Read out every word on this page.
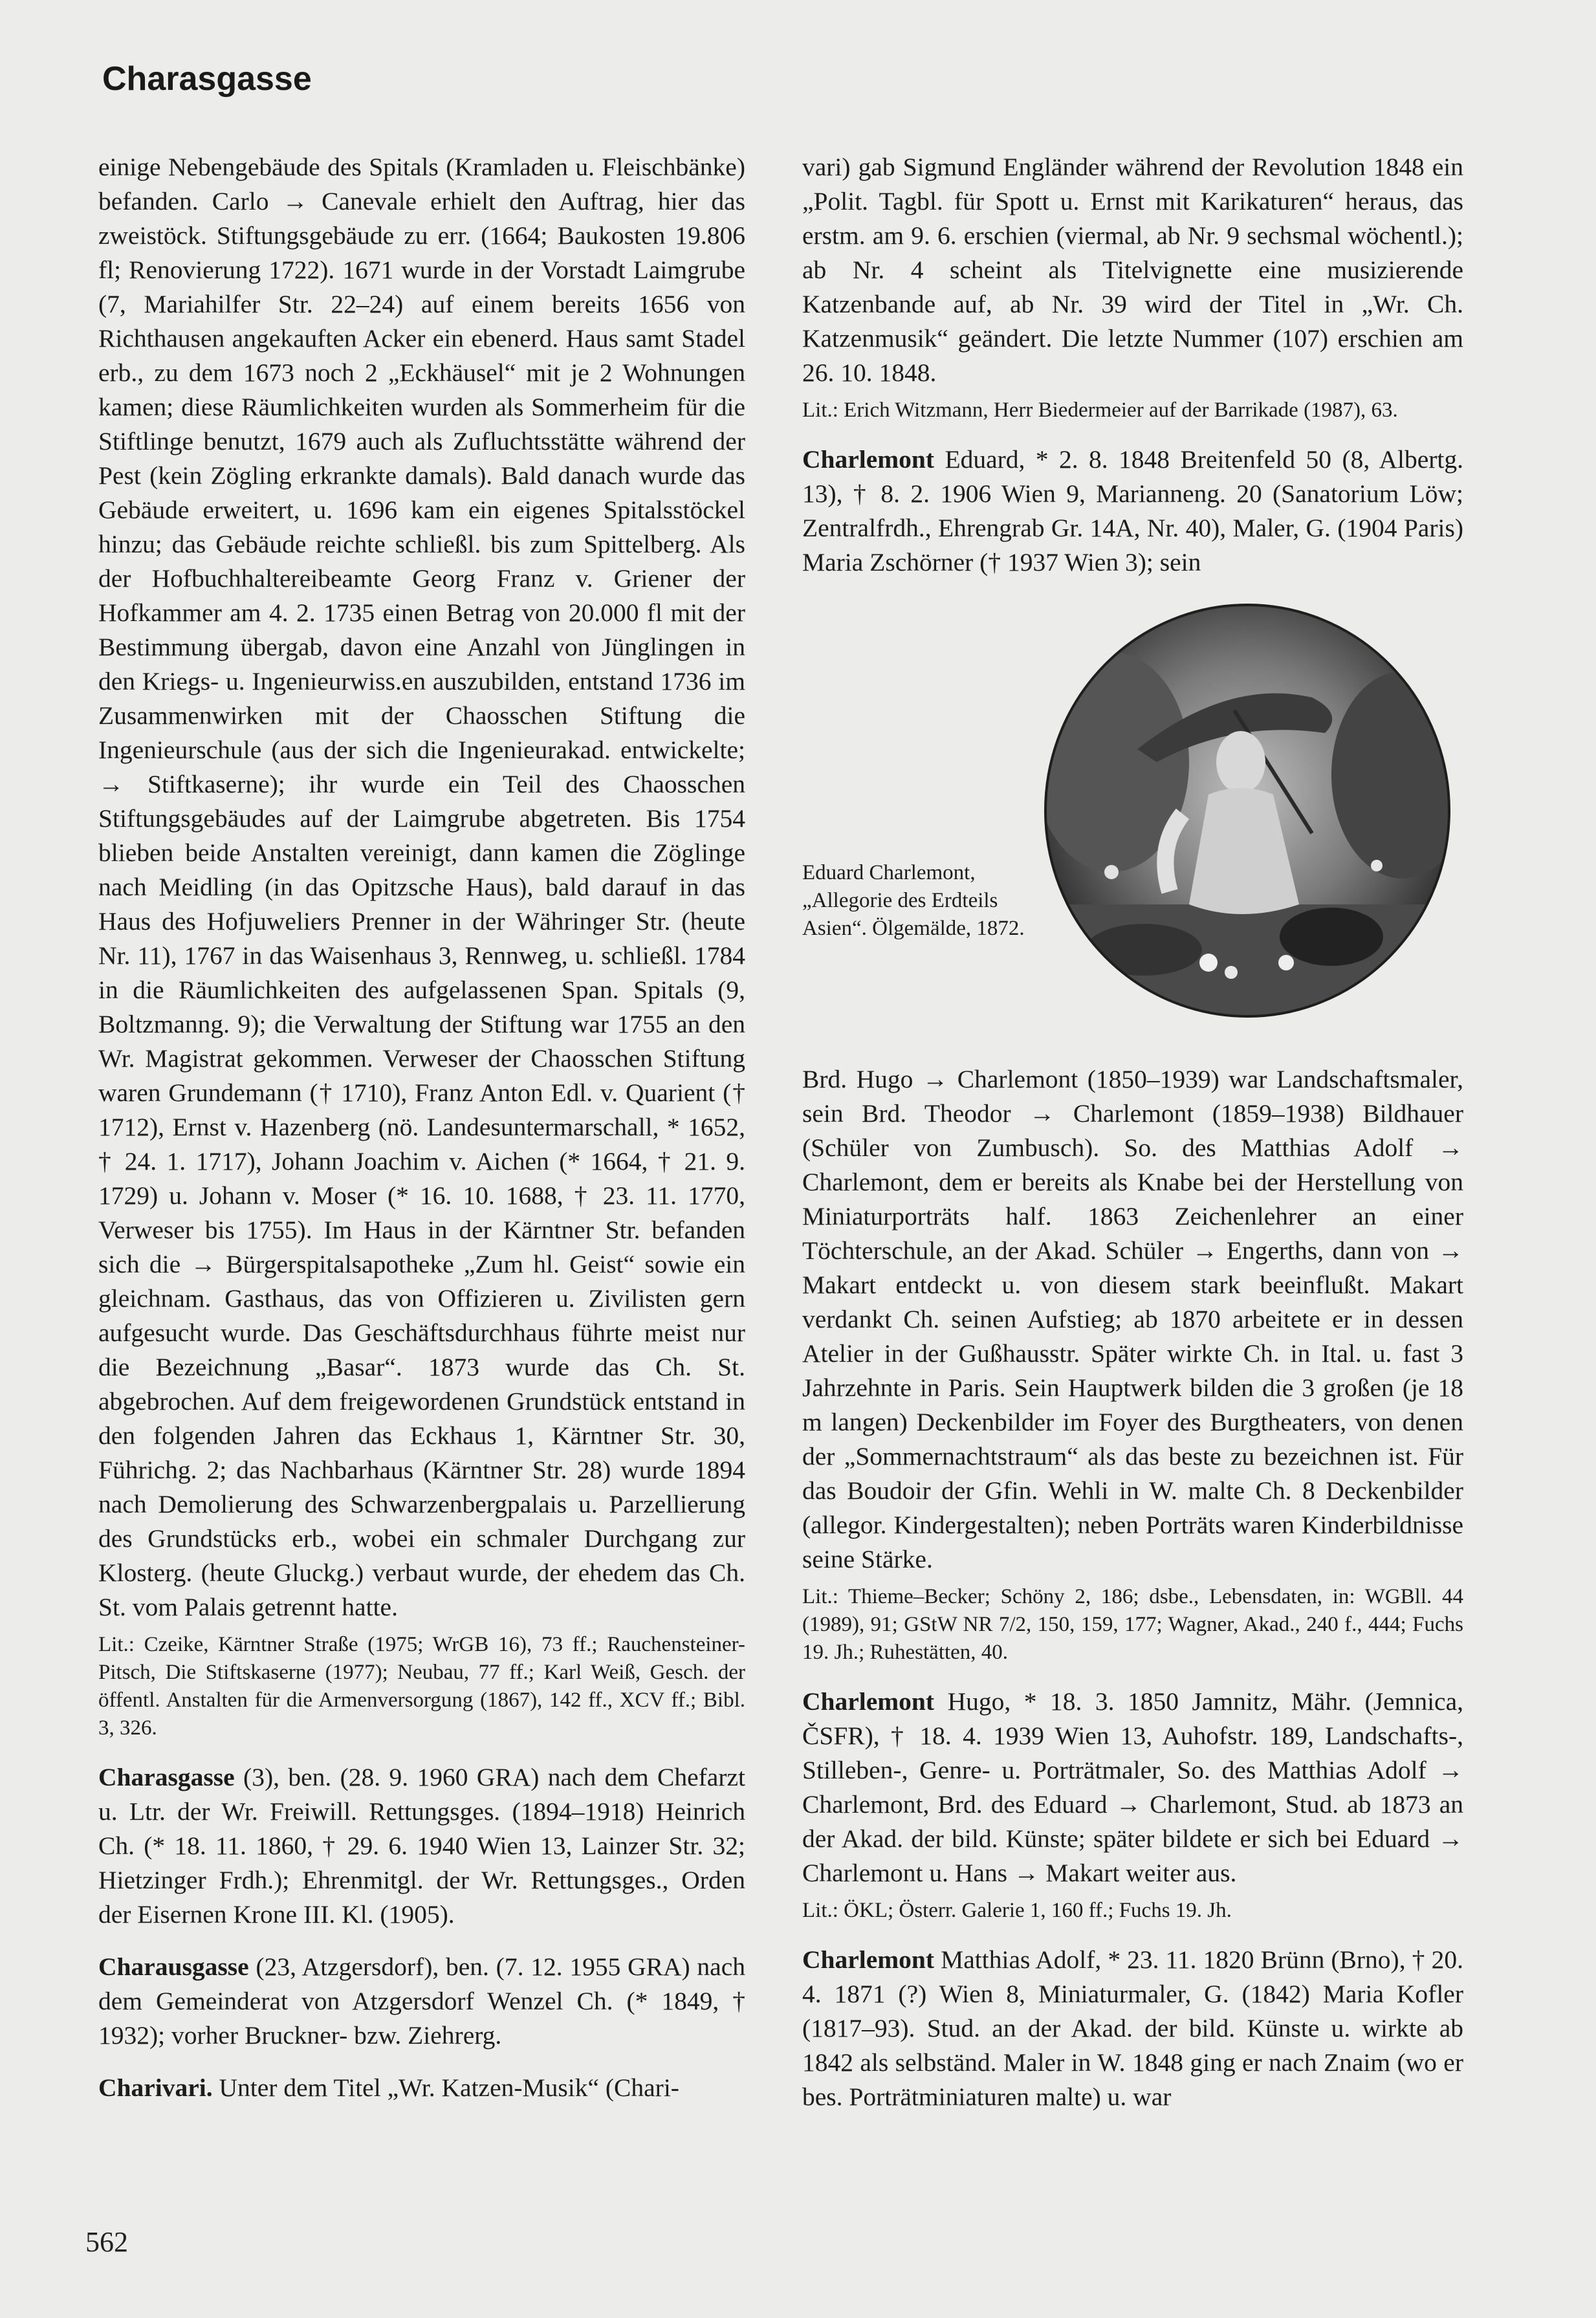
Charasgasse

einige Nebengebäude des Spitals (Kramladen u. Fleischbänke) befanden. Carlo → Canevale erhielt den Auftrag, hier das zweistöck. Stiftungsgebäude zu err. (1664; Baukosten 19.806 fl; Renovierung 1722). 1671 wurde in der Vorstadt Laimgrube (7, Mariahilfer Str. 22–24) auf einem bereits 1656 von Richthausen angekauften Acker ein ebenerd. Haus samt Stadel erb., zu dem 1673 noch 2 „Eckhäusel“ mit je 2 Wohnungen kamen; diese Räumlichkeiten wurden als Sommerheim für die Stiftlinge benutzt, 1679 auch als Zufluchtsstätte während der Pest (kein Zögling erkrankte damals). Bald danach wurde das Gebäude erweitert, u. 1696 kam ein eigenes Spitalsstöckel hinzu; das Gebäude reichte schließl. bis zum Spittelberg. Als der Hofbuchhaltereibeamte Georg Franz v. Griener der Hofkammer am 4. 2. 1735 einen Betrag von 20.000 fl mit der Bestimmung übergab, davon eine Anzahl von Jünglingen in den Kriegs- u. Ingenieurwiss.en auszubilden, entstand 1736 im Zusammenwirken mit der Chaosschen Stiftung die Ingenieurschule (aus der sich die Ingenieurakad. entwickelte; → Stiftkaserne); ihr wurde ein Teil des Chaosschen Stiftungsgebäudes auf der Laimgrube abgetreten. Bis 1754 blieben beide Anstalten vereinigt, dann kamen die Zöglinge nach Meidling (in das Opitzsche Haus), bald darauf in das Haus des Hofjuweliers Prenner in der Währinger Str. (heute Nr. 11), 1767 in das Waisenhaus 3, Rennweg, u. schließl. 1784 in die Räumlichkeiten des aufgelassenen Span. Spitals (9, Boltzmanng. 9); die Verwaltung der Stiftung war 1755 an den Wr. Magistrat gekommen. Verweser der Chaosschen Stiftung waren Grundemann († 1710), Franz Anton Edl. v. Quarient († 1712), Ernst v. Hazenberg (nö. Landesuntermarschall, * 1652, † 24. 1. 1717), Johann Joachim v. Aichen (* 1664, † 21. 9. 1729) u. Johann v. Moser (* 16. 10. 1688, † 23. 11. 1770, Verweser bis 1755). Im Haus in der Kärntner Str. befanden sich die → Bürgerspitalsapotheke „Zum hl. Geist“ sowie ein gleichnam. Gasthaus, das von Offizieren u. Zivilisten gern aufgesucht wurde. Das Geschäftsdurchhaus führte meist nur die Bezeichnung „Basar“. 1873 wurde das Ch. St. abgebrochen. Auf dem freigewordenen Grundstück entstand in den folgenden Jahren das Eckhaus 1, Kärntner Str. 30, Führichg. 2; das Nachbarhaus (Kärntner Str. 28) wurde 1894 nach Demolierung des Schwarzenbergpalais u. Parzellierung des Grundstücks erb., wobei ein schmaler Durchgang zur Klosterg. (heute Gluckg.) verbaut wurde, der ehedem das Ch. St. vom Palais getrennt hatte.

Lit.: Czeike, Kärntner Straße (1975; WrGB 16), 73 ff.; Rauchensteiner-Pitsch, Die Stiftskaserne (1977); Neubau, 77 ff.; Karl Weiß, Gesch. der öffentl. Anstalten für die Armenversorgung (1867), 142 ff., XCV ff.; Bibl. 3, 326.

Charasgasse (3), ben. (28. 9. 1960 GRA) nach dem Chefarzt u. Ltr. der Wr. Freiwill. Rettungsges. (1894–1918) Heinrich Ch. (* 18. 11. 1860, † 29. 6. 1940 Wien 13, Lainzer Str. 32; Hietzinger Frdh.); Ehrenmitgl. der Wr. Rettungsges., Orden der Eisernen Krone III. Kl. (1905).

Charausgasse (23, Atzgersdorf), ben. (7. 12. 1955 GRA) nach dem Gemeinderat von Atzgersdorf Wenzel Ch. (* 1849, † 1932); vorher Bruckner- bzw. Ziehrerg.

Charivari. Unter dem Titel „Wr. Katzen-Musik“ (Chari-

vari) gab Sigmund Engländer während der Revolution 1848 ein „Polit. Tagbl. für Spott u. Ernst mit Karikaturen“ heraus, das erstm. am 9. 6. erschien (viermal, ab Nr. 9 sechsmal wöchentl.); ab Nr. 4 scheint als Titelvignette eine musizierende Katzenbande auf, ab Nr. 39 wird der Titel in „Wr. Ch. Katzenmusik“ geändert. Die letzte Nummer (107) erschien am 26. 10. 1848.

Lit.: Erich Witzmann, Herr Biedermeier auf der Barrikade (1987), 63.

Charlemont Eduard, * 2. 8. 1848 Breitenfeld 50 (8, Albertg. 13), † 8. 2. 1906 Wien 9, Marianneng. 20 (Sanatorium Löw; Zentralfrdh., Ehrengrab Gr. 14A, Nr. 40), Maler, G. (1904 Paris) Maria Zschörner († 1937 Wien 3); sein

Eduard Charlemont, „Allegorie des Erdteils Asien“. Ölgemälde, 1872.

Brd. Hugo → Charlemont (1850–1939) war Landschaftsmaler, sein Brd. Theodor → Charlemont (1859–1938) Bildhauer (Schüler von Zumbusch). So. des Matthias Adolf → Charlemont, dem er bereits als Knabe bei der Herstellung von Miniaturporträts half. 1863 Zeichenlehrer an einer Töchterschule, an der Akad. Schüler → Engerths, dann von → Makart entdeckt u. von diesem stark beeinflußt. Makart verdankt Ch. seinen Aufstieg; ab 1870 arbeitete er in dessen Atelier in der Gußhausstr. Später wirkte Ch. in Ital. u. fast 3 Jahrzehnte in Paris. Sein Hauptwerk bilden die 3 großen (je 18 m langen) Deckenbilder im Foyer des Burgtheaters, von denen der „Sommernachtstraum“ als das beste zu bezeichnen ist. Für das Boudoir der Gfin. Wehli in W. malte Ch. 8 Deckenbilder (allegor. Kindergestalten); neben Porträts waren Kinderbildnisse seine Stärke.

Lit.: Thieme–Becker; Schöny 2, 186; dsbe., Lebensdaten, in: WGBll. 44 (1989), 91; GStW NR 7/2, 150, 159, 177; Wagner, Akad., 240 f., 444; Fuchs 19. Jh.; Ruhestätten, 40.

Charlemont Hugo, * 18. 3. 1850 Jamnitz, Mähr. (Jemnica, ČSFR), † 18. 4. 1939 Wien 13, Auhofstr. 189, Landschafts-, Stilleben-, Genre- u. Porträtmaler, So. des Matthias Adolf → Charlemont, Brd. des Eduard → Charlemont, Stud. ab 1873 an der Akad. der bild. Künste; später bildete er sich bei Eduard → Charlemont u. Hans → Makart weiter aus.

Lit.: ÖKL; Österr. Galerie 1, 160 ff.; Fuchs 19. Jh.

Charlemont Matthias Adolf, * 23. 11. 1820 Brünn (Brno), † 20. 4. 1871 (?) Wien 8, Miniaturmaler, G. (1842) Maria Kofler (1817–93). Stud. an der Akad. der bild. Künste u. wirkte ab 1842 als selbständ. Maler in W. 1848 ging er nach Znaim (wo er bes. Porträtminiaturen malte) u. war

562
